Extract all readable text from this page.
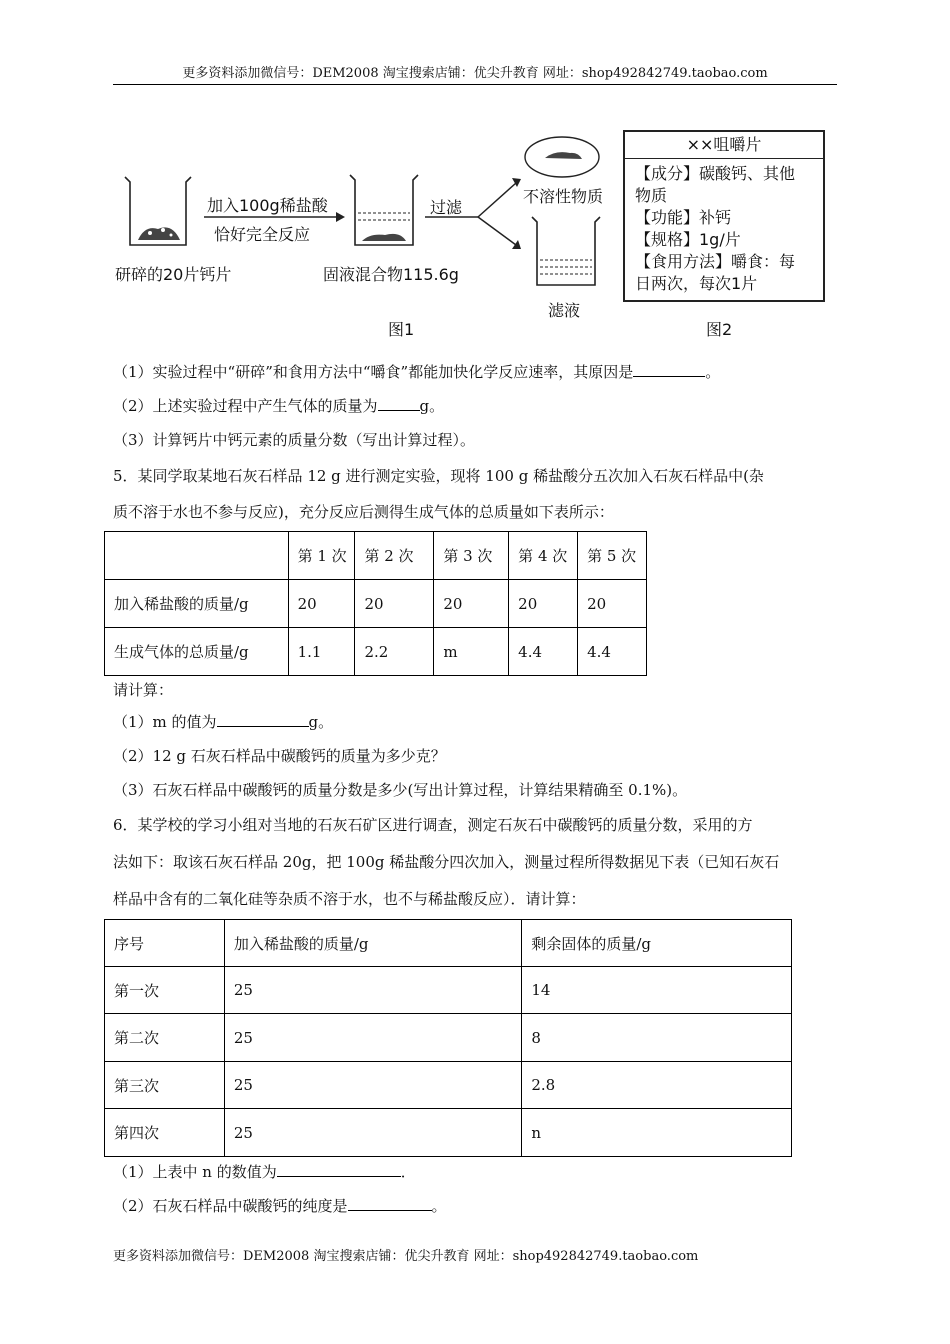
更多资料添加微信号：DEM2008 淘宝搜索店铺：优尖升教育 网址：shop492842749.taobao.com
研碎的20片钙片
加入100g稀盐酸
恰好完全反应
固液混合物115.6g
过滤
不溶性物质
滤液
图1
××咀嚼片
【成分】碳酸钙、其他
物质
【功能】补钙
【规格】1g/片
【食用方法】嚼食：每
日两次，每次1片
图2
（1）实验过程中“研碎”和食用方法中“嚼食”都能加快化学反应速率，其原因是	。
（2）上述实验过程中产生气体的质量为	g。
（3）计算钙片中钙元素的质量分数（写出计算过程）。
5．某同学取某地石灰石样品 12 g 进行测定实验，现将 100 g 稀盐酸分五次加入石灰石样品中(杂
质不溶于水也不参与反应)，充分反应后测得生成气体的总质量如下表所示：
	第 1 次	第 2 次	第 3 次	第 4 次	第 5 次
加入稀盐酸的质量/g	20	20	20	20	20
生成气体的总质量/g	1.1	2.2	m	4.4	4.4
请计算：
（1）m 的值为	g。
（2）12 g 石灰石样品中碳酸钙的质量为多少克？
（3）石灰石样品中碳酸钙的质量分数是多少(写出计算过程，计算结果精确至 0.1%)。
6．某学校的学习小组对当地的石灰石矿区进行调查，测定石灰石中碳酸钙的质量分数，采用的方
法如下：取该石灰石样品 20g，把 100g 稀盐酸分四次加入，测量过程所得数据见下表（已知石灰石
样品中含有的二氧化硅等杂质不溶于水，也不与稀盐酸反应）．请计算：
序号	加入稀盐酸的质量/g	剩余固体的质量/g
第一次	25	14
第二次	25	8
第三次	25	2.8
第四次	25	n
（1）上表中 n 的数值为	．
（2）石灰石样品中碳酸钙的纯度是	。
更多资料添加微信号：DEM2008 淘宝搜索店铺：优尖升教育 网址：shop492842749.taobao.com
